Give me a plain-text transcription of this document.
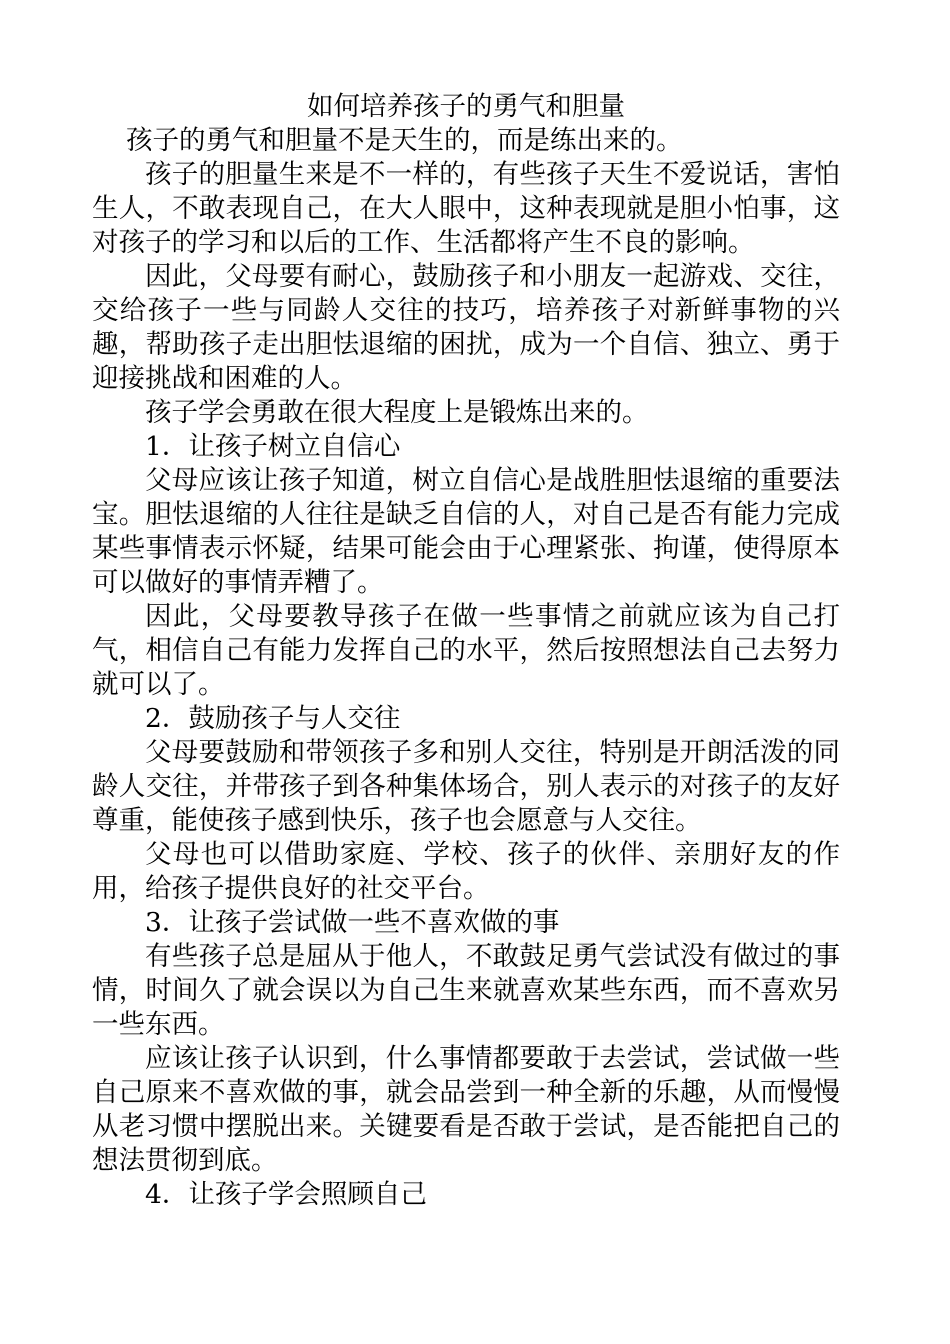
如何培养孩子的勇气和胆量

孩子的勇气和胆量不是天生的，而是练出来的。

孩子的胆量生来是不一样的，有些孩子天生不爱说话，害怕生人，不敢表现自己，在大人眼中，这种表现就是胆小怕事，这对孩子的学习和以后的工作、生活都将产生不良的影响。

因此，父母要有耐心，鼓励孩子和小朋友一起游戏、交往，交给孩子一些与同龄人交往的技巧，培养孩子对新鲜事物的兴趣，帮助孩子走出胆怯退缩的困扰，成为一个自信、独立、勇于迎接挑战和困难的人。

孩子学会勇敢在很大程度上是锻炼出来的。

1．让孩子树立自信心

父母应该让孩子知道，树立自信心是战胜胆怯退缩的重要法宝。胆怯退缩的人往往是缺乏自信的人，对自己是否有能力完成某些事情表示怀疑，结果可能会由于心理紧张、拘谨，使得原本可以做好的事情弄糟了。

因此，父母要教导孩子在做一些事情之前就应该为自己打气，相信自己有能力发挥自己的水平，然后按照想法自己去努力就可以了。

2．鼓励孩子与人交往

父母要鼓励和带领孩子多和别人交往，特别是开朗活泼的同龄人交往，并带孩子到各种集体场合，别人表示的对孩子的友好尊重，能使孩子感到快乐，孩子也会愿意与人交往。

父母也可以借助家庭、学校、孩子的伙伴、亲朋好友的作用，给孩子提供良好的社交平台。

3．让孩子尝试做一些不喜欢做的事

有些孩子总是屈从于他人，不敢鼓足勇气尝试没有做过的事情，时间久了就会误以为自己生来就喜欢某些东西，而不喜欢另一些东西。

应该让孩子认识到，什么事情都要敢于去尝试，尝试做一些自己原来不喜欢做的事，就会品尝到一种全新的乐趣，从而慢慢从老习惯中摆脱出来。关键要看是否敢于尝试，是否能把自己的想法贯彻到底。

4．让孩子学会照顾自己
